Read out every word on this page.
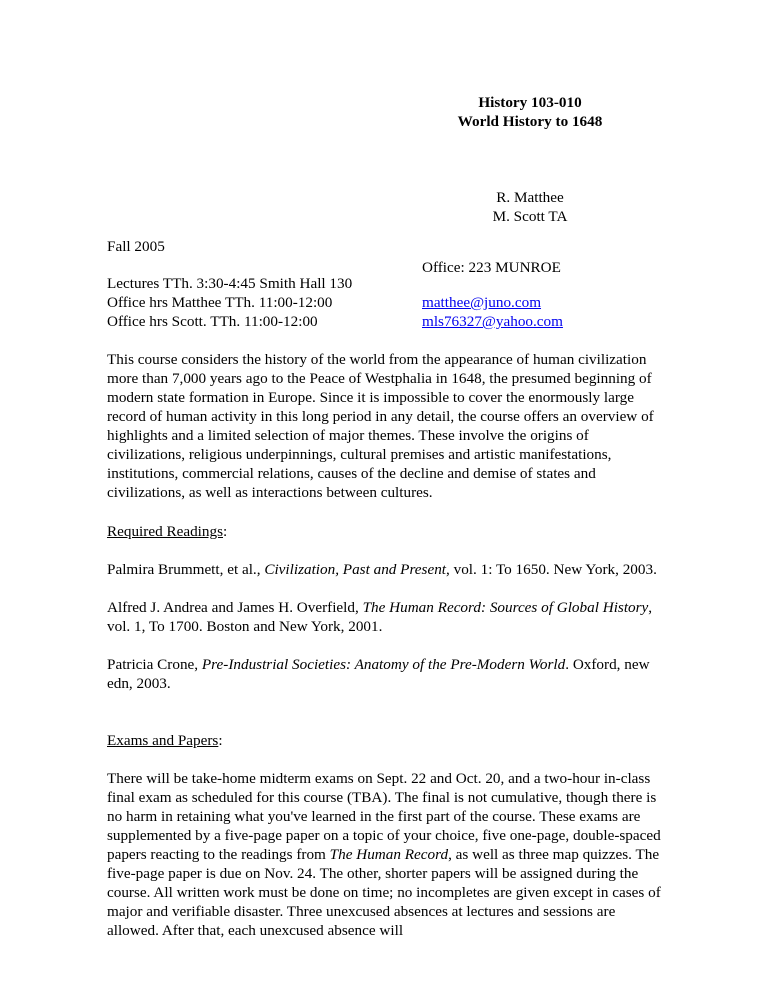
History 103-010
World History to 1648
R. Matthee
M. Scott TA
Fall 2005
Lectures TTh. 3:30-4:45 Smith Hall 130
Office hrs Matthee TTh. 11:00-12:00
Office hrs Scott. TTh. 11:00-12:00
Office: 223 MUNROE
matthee@juno.com
mls76327@yahoo.com

This course considers the history of the world from the appearance of human civilization more than 7,000 years ago to the Peace of Westphalia in 1648, the presumed beginning of modern state formation in Europe. Since it is impossible to cover the enormously large record of human activity in this long period in any detail, the course offers an overview of highlights and a limited selection of major themes. These involve the origins of civilizations, religious underpinnings, cultural premises and artistic manifestations, institutions, commercial relations, causes of the decline and demise of states and civilizations, as well as interactions between cultures.

Required Readings:

Palmira Brummett, et al., Civilization, Past and Present, vol. 1: To 1650. New York, 2003.

Alfred J. Andrea and James H. Overfield, The Human Record: Sources of Global History, vol. 1, To 1700. Boston and New York, 2001.

Patricia Crone, Pre-Industrial Societies: Anatomy of the Pre-Modern World. Oxford, new edn, 2003.

Exams and Papers:

There will be take-home midterm exams on Sept. 22 and Oct. 20, and a two-hour in-class final exam as scheduled for this course (TBA). The final is not cumulative, though there is no harm in retaining what you've learned in the first part of the course. These exams are supplemented by a five-page paper on a topic of your choice, five one-page, double-spaced papers reacting to the readings from The Human Record, as well as three map quizzes. The five-page paper is due on Nov. 24. The other, shorter papers will be assigned during the course. All written work must be done on time; no incompletes are given except in cases of major and verifiable disaster. Three unexcused absences at lectures and sessions are allowed. After that, each unexcused absence will
